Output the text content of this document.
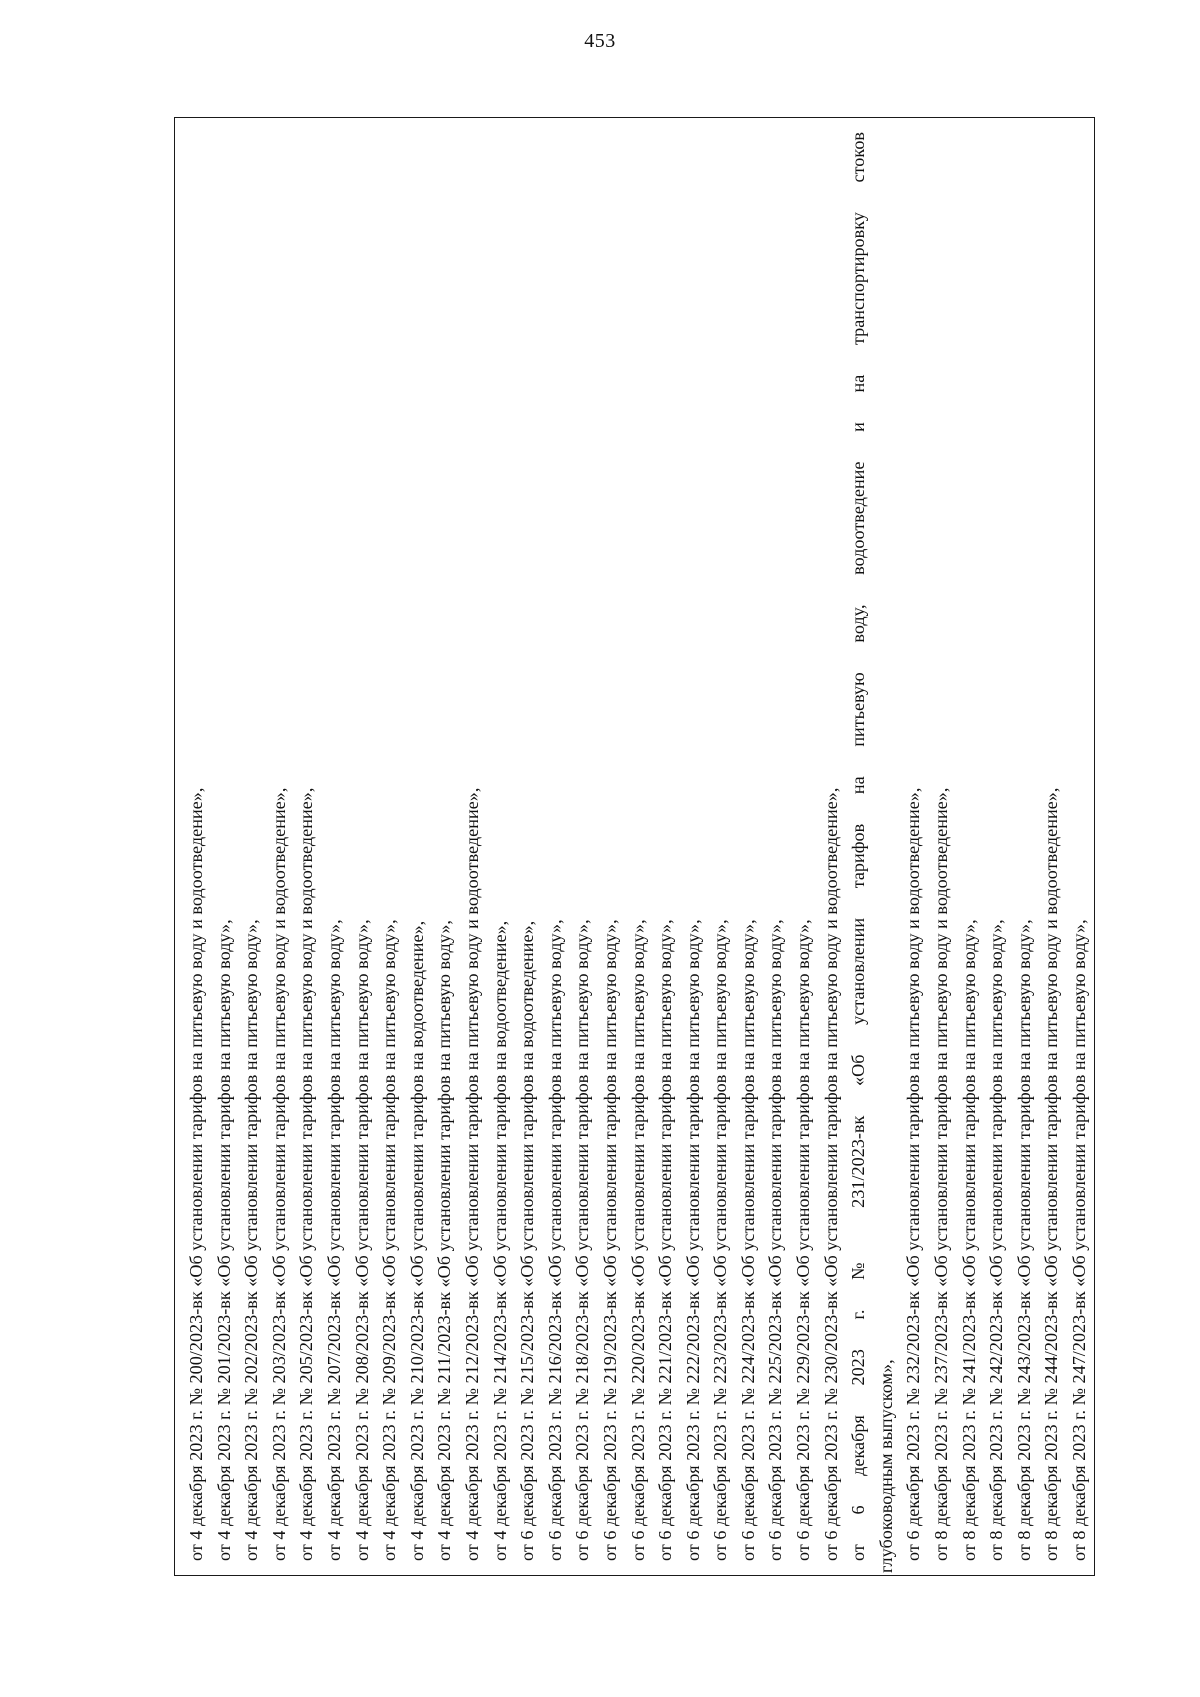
453
от 4 декабря 2023 г. № 200/2023-вк «Об установлении тарифов на питьевую воду и водоотведение», от 4 декабря 2023 г. № 201/2023-вк «Об установлении тарифов на питьевую воду», от 4 декабря 2023 г. № 202/2023-вк «Об установлении тарифов на питьевую воду», от 4 декабря 2023 г. № 203/2023-вк «Об установлении тарифов на питьевую воду и водоотведение», от 4 декабря 2023 г. № 205/2023-вк «Об установлении тарифов на питьевую воду и водоотведение», от 4 декабря 2023 г. № 207/2023-вк «Об установлении тарифов на питьевую воду», от 4 декабря 2023 г. № 208/2023-вк «Об установлении тарифов на питьевую воду», от 4 декабря 2023 г. № 209/2023-вк «Об установлении тарифов на питьевую воду», от 4 декабря 2023 г. № 210/2023-вк «Об установлении тарифов на водоотведение», от 4 декабря 2023 г. № 211/2023-вк «Об установлении тарифов на питьевую воду», от 4 декабря 2023 г. № 212/2023-вк «Об установлении тарифов на питьевую воду и водоотведение», от 4 декабря 2023 г. № 214/2023-вк «Об установлении тарифов на водоотведение», от 6 декабря 2023 г. № 215/2023-вк «Об установлении тарифов на водоотведение», от 6 декабря 2023 г. № 216/2023-вк «Об установлении тарифов на питьевую воду», от 6 декабря 2023 г. № 218/2023-вк «Об установлении тарифов на питьевую воду», от 6 декабря 2023 г. № 219/2023-вк «Об установлении тарифов на питьевую воду», от 6 декабря 2023 г. № 220/2023-вк «Об установлении тарифов на питьевую воду», от 6 декабря 2023 г. № 221/2023-вк «Об установлении тарифов на питьевую воду», от 6 декабря 2023 г. № 222/2023-вк «Об установлении тарифов на питьевую воду», от 6 декабря 2023 г. № 223/2023-вк «Об установлении тарифов на питьевую воду», от 6 декабря 2023 г. № 224/2023-вк «Об установлении тарифов на питьевую воду», от 6 декабря 2023 г. № 225/2023-вк «Об установлении тарифов на питьевую воду», от 6 декабря 2023 г. № 229/2023-вк «Об установлении тарифов на питьевую воду», от 6 декабря 2023 г. № 230/2023-вк «Об установлении тарифов на питьевую воду и водоотведение», от 6 декабря 2023 г. № 231/2023-вк «Об установлении тарифов на питьевую воду, водоотведение и на транспортировку стоков глубоководным выпуском», от 6 декабря 2023 г. № 232/2023-вк «Об установлении тарифов на питьевую воду и водоотведение», от 8 декабря 2023 г. № 237/2023-вк «Об установлении тарифов на питьевую воду и водоотведение», от 8 декабря 2023 г. № 241/2023-вк «Об установлении тарифов на питьевую воду», от 8 декабря 2023 г. № 242/2023-вк «Об установлении тарифов на питьевую воду», от 8 декабря 2023 г. № 243/2023-вк «Об установлении тарифов на питьевую воду», от 8 декабря 2023 г. № 244/2023-вк «Об установлении тарифов на питьевую воду и водоотведение», от 8 декабря 2023 г. № 247/2023-вк «Об установлении тарифов на питьевую воду»,
